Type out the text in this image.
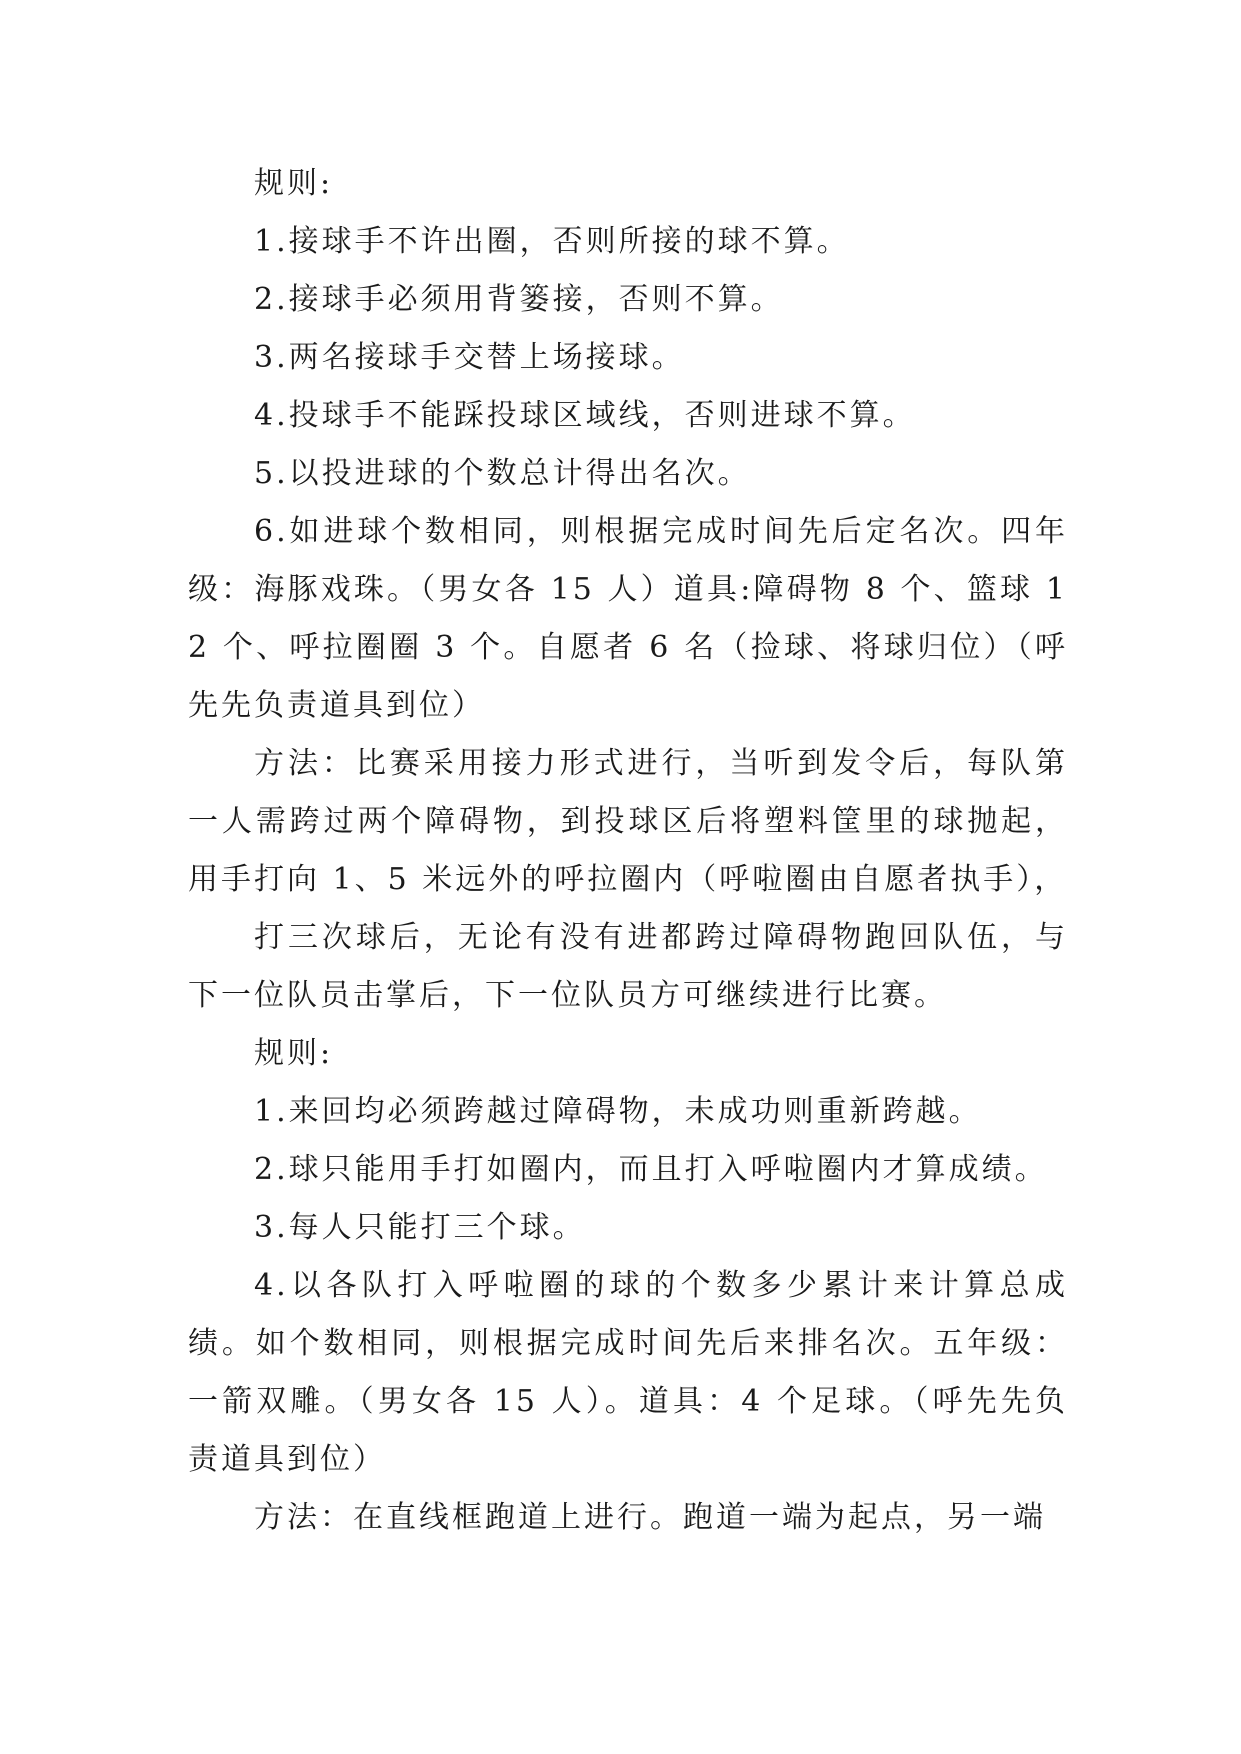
规则:

1.接球手不许出圈，否则所接的球不算。

2.接球手必须用背篓接，否则不算。

3.两名接球手交替上场接球。

4.投球手不能踩投球区域线，否则进球不算。

5.以投进球的个数总计得出名次。

6.如进球个数相同，则根据完成时间先后定名次。四年级：海豚戏珠。（男女各 15 人）道具:障碍物 8 个、篮球 12 个、呼拉圈圈 3 个。自愿者 6 名（捡球、将球归位）（呼先先负责道具到位）

方法：比赛采用接力形式进行，当听到发令后，每队第一人需跨过两个障碍物，到投球区后将塑料筐里的球抛起，用手打向 1、5 米远外的呼拉圈内（呼啦圈由自愿者执手），

打三次球后，无论有没有进都跨过障碍物跑回队伍，与下一位队员击掌后，下一位队员方可继续进行比赛。

规则:

1.来回均必须跨越过障碍物，未成功则重新跨越。

2.球只能用手打如圈内，而且打入呼啦圈内才算成绩。

3.每人只能打三个球。

4.以各队打入呼啦圈的球的个数多少累计来计算总成绩。如个数相同，则根据完成时间先后来排名次。五年级：一箭双雕。（男女各 15 人）。道具：4 个足球。（呼先先负责道具到位）

方法：在直线框跑道上进行。跑道一端为起点，另一端
